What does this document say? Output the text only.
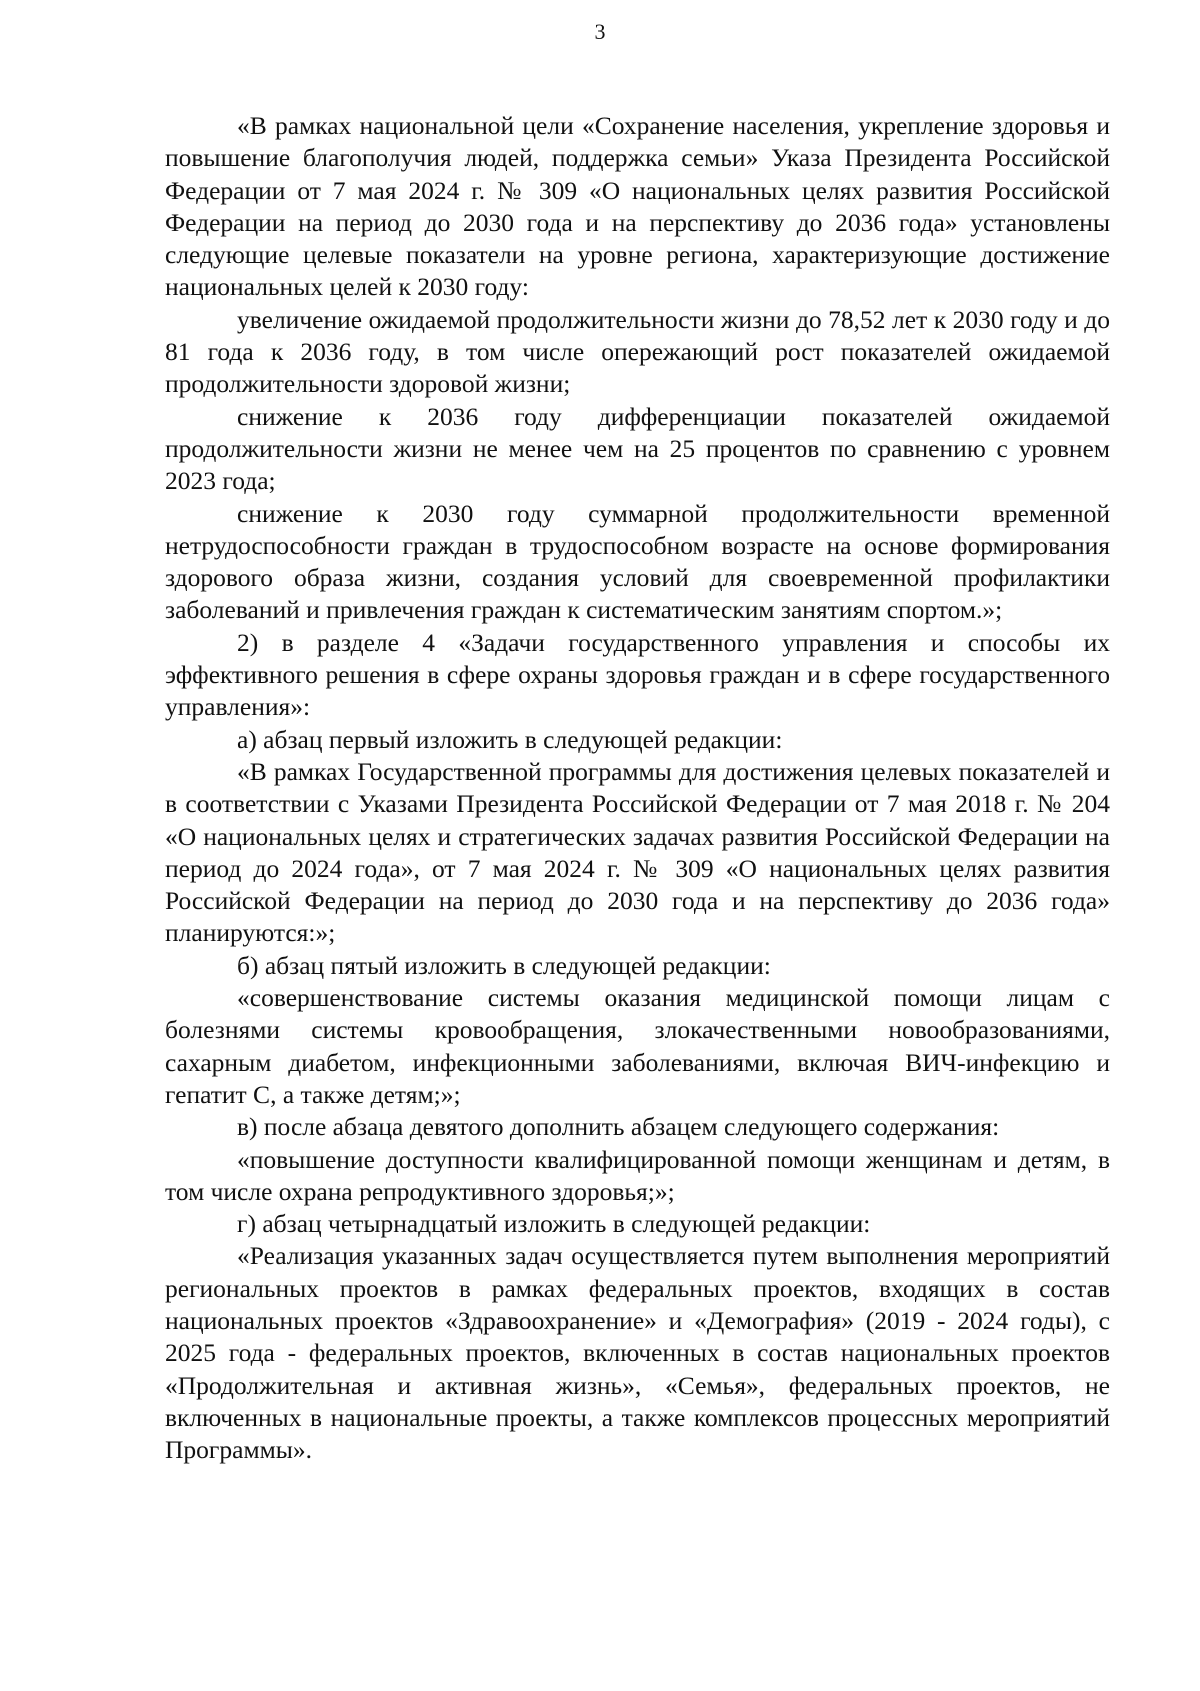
3

«В рамках национальной цели «Сохранение населения, укрепление здоровья и повышение благополучия людей, поддержка семьи» Указа Президента Российской Федерации от 7 мая 2024 г. № 309 «О национальных целях развития Российской Федерации на период до 2030 года и на перспективу до 2036 года» установлены следующие целевые показатели на уровне региона, характеризующие достижение национальных целей к 2030 году:

увеличение ожидаемой продолжительности жизни до 78,52 лет к 2030 году и до 81 года к 2036 году, в том числе опережающий рост показателей ожидаемой продолжительности здоровой жизни;

снижение к 2036 году дифференциации показателей ожидаемой продолжительности жизни не менее чем на 25 процентов по сравнению с уровнем 2023 года;

снижение к 2030 году суммарной продолжительности временной нетрудоспособности граждан в трудоспособном возрасте на основе формирования здорового образа жизни, создания условий для своевременной профилактики заболеваний и привлечения граждан к систематическим занятиям спортом.»;

2) в разделе 4 «Задачи государственного управления и способы их эффективного решения в сфере охраны здоровья граждан и в сфере государственного управления»:

а) абзац первый изложить в следующей редакции:

«В рамках Государственной программы для достижения целевых показателей и в соответствии с Указами Президента Российской Федерации от 7 мая 2018 г. № 204 «О национальных целях и стратегических задачах развития Российской Федерации на период до 2024 года», от 7 мая 2024 г. № 309 «О национальных целях развития Российской Федерации на период до 2030 года и на перспективу до 2036 года» планируются:»;

б) абзац пятый изложить в следующей редакции:

«совершенствование системы оказания медицинской помощи лицам с болезнями системы кровообращения, злокачественными новообразованиями, сахарным диабетом, инфекционными заболеваниями, включая ВИЧ-инфекцию и гепатит С, а также детям;»;

в) после абзаца девятого дополнить абзацем следующего содержания:

«повышение доступности квалифицированной помощи женщинам и детям, в том числе охрана репродуктивного здоровья;»;

г) абзац четырнадцатый изложить в следующей редакции:

«Реализация указанных задач осуществляется путем выполнения мероприятий региональных проектов в рамках федеральных проектов, входящих в состав национальных проектов «Здравоохранение» и «Демография» (2019 - 2024 годы), с 2025 года - федеральных проектов, включенных в состав национальных проектов «Продолжительная и активная жизнь», «Семья», федеральных проектов, не включенных в национальные проекты, а также комплексов процессных мероприятий Программы».
